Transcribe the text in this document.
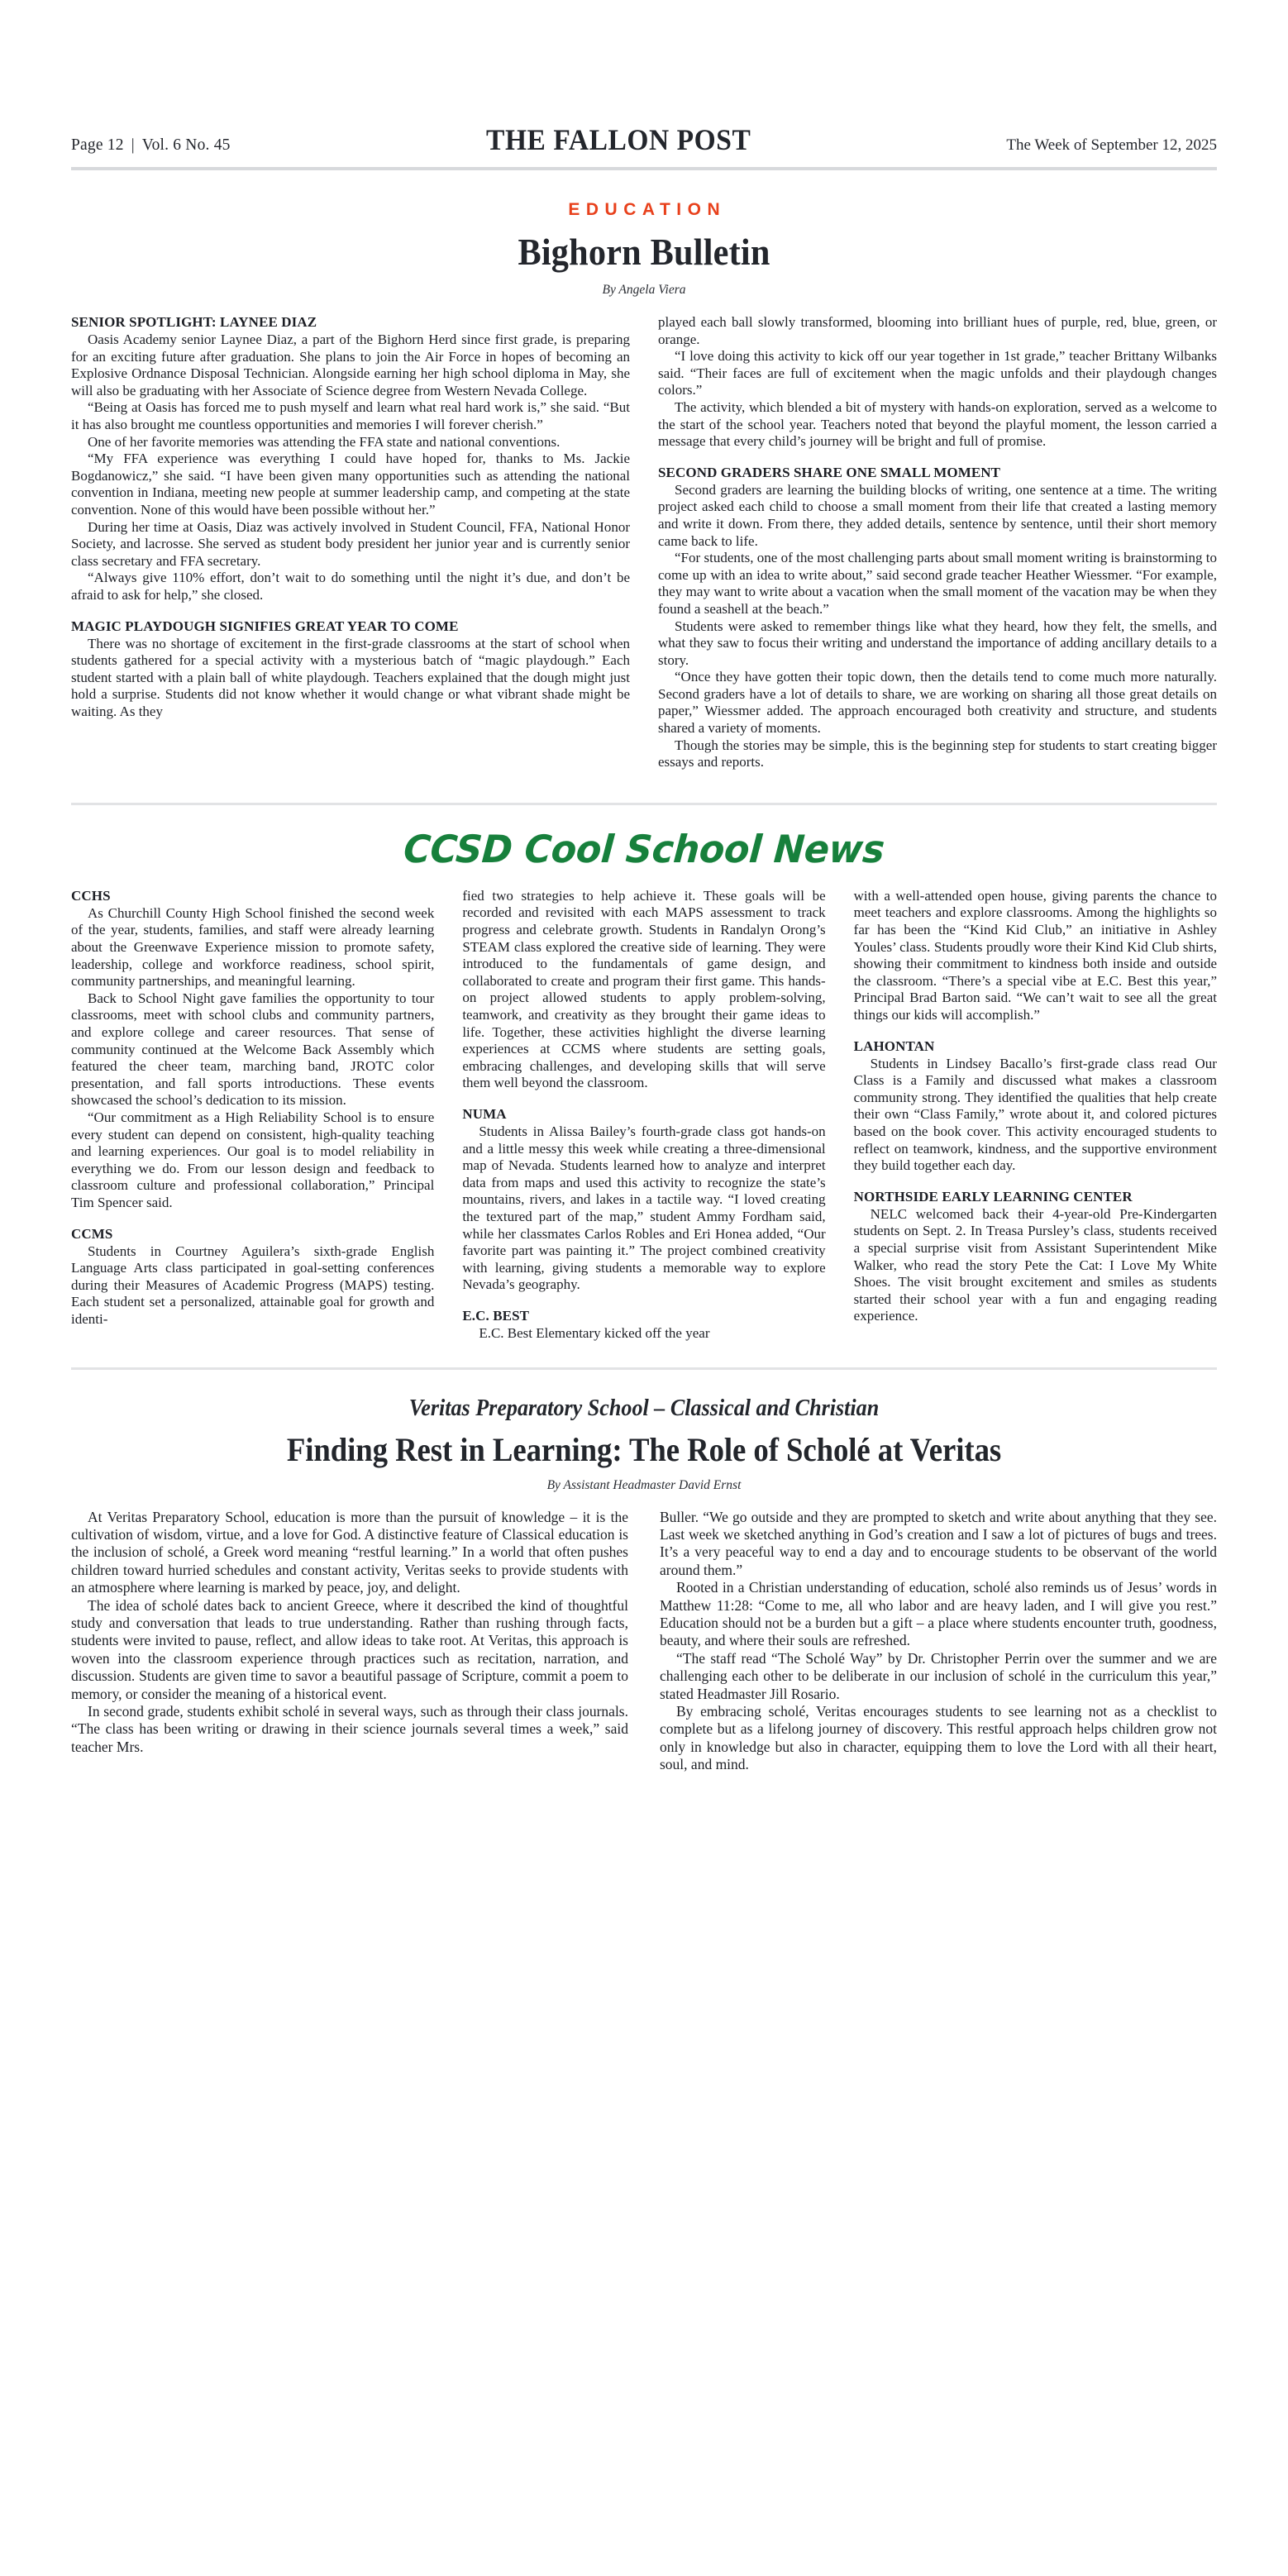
Page 12 | Vol. 6 No. 45	THE FALLON POST	The Week of September 12, 2025
EDUCATION
Bighorn Bulletin
By Angela Viera
SENIOR SPOTLIGHT: LAYNEE DIAZ

Oasis Academy senior Laynee Diaz, a part of the Bighorn Herd since first grade, is preparing for an exciting future after graduation. She plans to join the Air Force in hopes of becoming an Explosive Ordnance Disposal Technician. Alongside earning her high school diploma in May, she will also be graduating with her Associate of Science degree from Western Nevada College.

“Being at Oasis has forced me to push myself and learn what real hard work is,” she said. “But it has also brought me countless opportunities and memories I will forever cherish.”

One of her favorite memories was attending the FFA state and national conventions.

“My FFA experience was everything I could have hoped for, thanks to Ms. Jackie Bogdanowicz,” she said. “I have been given many opportunities such as attending the national convention in Indiana, meeting new people at summer leadership camp, and competing at the state convention. None of this would have been possible without her.”

During her time at Oasis, Diaz was actively involved in Student Council, FFA, National Honor Society, and lacrosse. She served as student body president her junior year and is currently senior class secretary and FFA secretary.

“Always give 110% effort, don’t wait to do something until the night it’s due, and don’t be afraid to ask for help,” she closed.

MAGIC PLAYDOUGH SIGNIFIES GREAT YEAR TO COME

There was no shortage of excitement in the first-grade classrooms at the start of school when students gathered for a special activity with a mysterious batch of “magic playdough.” Each student started with a plain ball of white playdough. Teachers explained that the dough might just hold a surprise. Students did not know whether it would change or what vibrant shade might be waiting. As they

played each ball slowly transformed, blooming into brilliant hues of purple, red, blue, green, or orange.

“I love doing this activity to kick off our year together in 1st grade,” teacher Brittany Wilbanks said. “Their faces are full of excitement when the magic unfolds and their playdough changes colors.”

The activity, which blended a bit of mystery with hands-on exploration, served as a welcome to the start of the school year. Teachers noted that beyond the playful moment, the lesson carried a message that every child’s journey will be bright and full of promise.

SECOND GRADERS SHARE ONE SMALL MOMENT

Second graders are learning the building blocks of writing, one sentence at a time. The writing project asked each child to choose a small moment from their life that created a lasting memory and write it down. From there, they added details, sentence by sentence, until their short memory came back to life.

“For students, one of the most challenging parts about small moment writing is brainstorming to come up with an idea to write about,” said second grade teacher Heather Wiessmer. “For example, they may want to write about a vacation when the small moment of the vacation may be when they found a seashell at the beach.”

Students were asked to remember things like what they heard, how they felt, the smells, and what they saw to focus their writing and understand the importance of adding ancillary details to a story.

“Once they have gotten their topic down, then the details tend to come much more naturally. Second graders have a lot of details to share, we are working on sharing all those great details on paper,” Wiessmer added. The approach encouraged both creativity and structure, and students shared a variety of moments.

Though the stories may be simple, this is the beginning step for students to start creating bigger essays and reports.

CCSD Cool School News
CCHS

As Churchill County High School finished the second week of the year, students, families, and staff were already learning about the Greenwave Experience mission to promote safety, leadership, college and workforce readiness, school spirit, community partnerships, and meaningful learning.

Back to School Night gave families the opportunity to tour classrooms, meet with school clubs and community partners, and explore college and career resources. That sense of community continued at the Welcome Back Assembly which featured the cheer team, marching band, JROTC color presentation, and fall sports introductions. These events showcased the school’s dedication to its mission.

“Our commitment as a High Reliability School is to ensure every student can depend on consistent, high-quality teaching and learning experiences. Our goal is to model reliability in everything we do. From our lesson design and feedback to classroom culture and professional collaboration,” Principal Tim Spencer said.

CCMS

Students in Courtney Aguilera’s sixth-grade English Language Arts class participated in goal-setting conferences during their Measures of Academic Progress (MAPS) testing. Each student set a personalized, attainable goal for growth and identi-

fied two strategies to help achieve it. These goals will be recorded and revisited with each MAPS assessment to track progress and celebrate growth. Students in Randalyn Orong’s STEAM class explored the creative side of learning. They were introduced to the fundamentals of game design, and collaborated to create and program their first game. This hands-on project allowed students to apply problem-solving, teamwork, and creativity as they brought their game ideas to life. Together, these activities highlight the diverse learning experiences at CCMS where students are setting goals, embracing challenges, and developing skills that will serve them well beyond the classroom.

NUMA

Students in Alissa Bailey’s fourth-grade class got hands-on and a little messy this week while creating a three-dimensional map of Nevada. Students learned how to analyze and interpret data from maps and used this activity to recognize the state’s mountains, rivers, and lakes in a tactile way. “I loved creating the textured part of the map,” student Ammy Fordham said, while her classmates Carlos Robles and Eri Honea added, “Our favorite part was painting it.” The project combined creativity with learning, giving students a memorable way to explore Nevada’s geography.

E.C. BEST

E.C. Best Elementary kicked off the year

with a well-attended open house, giving parents the chance to meet teachers and explore classrooms. Among the highlights so far has been the “Kind Kid Club,” an initiative in Ashley Youles’ class. Students proudly wore their Kind Kid Club shirts, showing their commitment to kindness both inside and outside the classroom. “There’s a special vibe at E.C. Best this year,” Principal Brad Barton said. “We can’t wait to see all the great things our kids will accomplish.”

LAHONTAN

Students in Lindsey Bacallo’s first-grade class read Our Class is a Family and discussed what makes a classroom community strong. They identified the qualities that help create their own “Class Family,” wrote about it, and colored pictures based on the book cover. This activity encouraged students to reflect on teamwork, kindness, and the supportive environment they build together each day.

NORTHSIDE EARLY LEARNING CENTER

NELC welcomed back their 4-year-old Pre-Kindergarten students on Sept. 2. In Treasa Pursley’s class, students received a special surprise visit from Assistant Superintendent Mike Walker, who read the story Pete the Cat: I Love My White Shoes. The visit brought excitement and smiles as students started their school year with a fun and engaging reading experience.

Veritas Preparatory School – Classical and Christian
Finding Rest in Learning: The Role of Scholé at Veritas
By Assistant Headmaster David Ernst

At Veritas Preparatory School, education is more than the pursuit of knowledge – it is the cultivation of wisdom, virtue, and a love for God. A distinctive feature of Classical education is the inclusion of scholé, a Greek word meaning “restful learning.” In a world that often pushes children toward hurried schedules and constant activity, Veritas seeks to provide students with an atmosphere where learning is marked by peace, joy, and delight.

The idea of scholé dates back to ancient Greece, where it described the kind of thoughtful study and conversation that leads to true understanding. Rather than rushing through facts, students were invited to pause, reflect, and allow ideas to take root. At Veritas, this approach is woven into the classroom experience through practices such as recitation, narration, and discussion. Students are given time to savor a beautiful passage of Scripture, commit a poem to memory, or consider the meaning of a historical event.

In second grade, students exhibit scholé in several ways, such as through their class journals. “The class has been writing or drawing in their science journals several times a week,” said teacher Mrs.

Buller. “We go outside and they are prompted to sketch and write about anything that they see. Last week we sketched anything in God’s creation and I saw a lot of pictures of bugs and trees. It’s a very peaceful way to end a day and to encourage students to be observant of the world around them.”

Rooted in a Christian understanding of education, scholé also reminds us of Jesus’ words in Matthew 11:28: “Come to me, all who labor and are heavy laden, and I will give you rest.” Education should not be a burden but a gift – a place where students encounter truth, goodness, beauty, and where their souls are refreshed.

“The staff read “The Scholé Way” by Dr. Christopher Perrin over the summer and we are challenging each other to be deliberate in our inclusion of scholé in the curriculum this year,” stated Headmaster Jill Rosario.

By embracing scholé, Veritas encourages students to see learning not as a checklist to complete but as a lifelong journey of discovery. This restful approach helps children grow not only in knowledge but also in character, equipping them to love the Lord with all their heart, soul, and mind.
